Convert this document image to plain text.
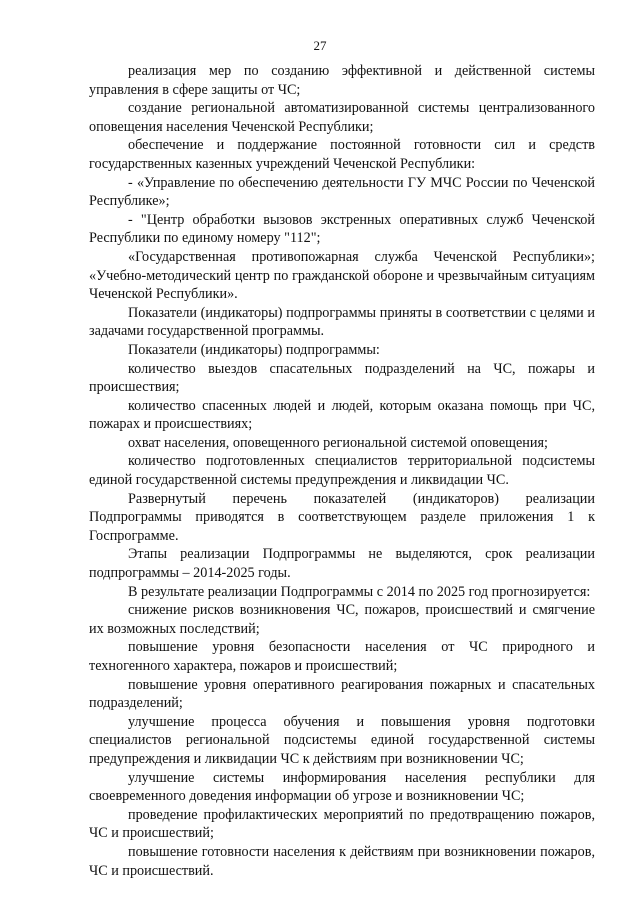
27

реализация мер по созданию эффективной и действенной системы управления в сфере защиты от ЧС;

создание региональной автоматизированной системы централизованного оповещения населения Чеченской Республики;

обеспечение и поддержание постоянной готовности сил и средств государственных казенных учреждений Чеченской Республики:

- «Управление по обеспечению деятельности ГУ МЧС России по Чеченской Республике»;

- "Центр обработки вызовов экстренных оперативных служб Чеченской Республики по единому номеру "112";

«Государственная противопожарная служба Чеченской Республики»; «Учебно-методический центр по гражданской обороне и чрезвычайным ситуациям Чеченской Республики».

Показатели (индикаторы) подпрограммы приняты в соответствии с целями и задачами государственной программы.

Показатели (индикаторы) подпрограммы:

количество выездов спасательных подразделений на ЧС, пожары и происшествия;

количество спасенных людей и людей, которым оказана помощь при ЧС, пожарах и происшествиях;

охват населения, оповещенного региональной системой оповещения;

количество подготовленных специалистов территориальной подсистемы единой государственной системы предупреждения и ликвидации ЧС.

Развернутый перечень показателей (индикаторов) реализации Подпрограммы приводятся в соответствующем разделе приложения 1 к Госпрограмме.

Этапы реализации Подпрограммы не выделяются, срок реализации подпрограммы – 2014-2025 годы.

В результате реализации Подпрограммы с 2014 по 2025 год прогнозируется:

снижение рисков возникновения ЧС, пожаров, происшествий и смягчение их возможных последствий;

повышение уровня безопасности населения от ЧС природного и техногенного характера, пожаров и происшествий;

повышение уровня оперативного реагирования пожарных и спасательных подразделений;

улучшение процесса обучения и повышения уровня подготовки специалистов региональной подсистемы единой государственной системы предупреждения и ликвидации ЧС к действиям при возникновении ЧС;

улучшение системы информирования населения республики для своевременного доведения информации об угрозе и возникновении ЧС;

проведение профилактических мероприятий по предотвращению пожаров, ЧС и происшествий;

повышение готовности населения к действиям при возникновении пожаров, ЧС и происшествий.
